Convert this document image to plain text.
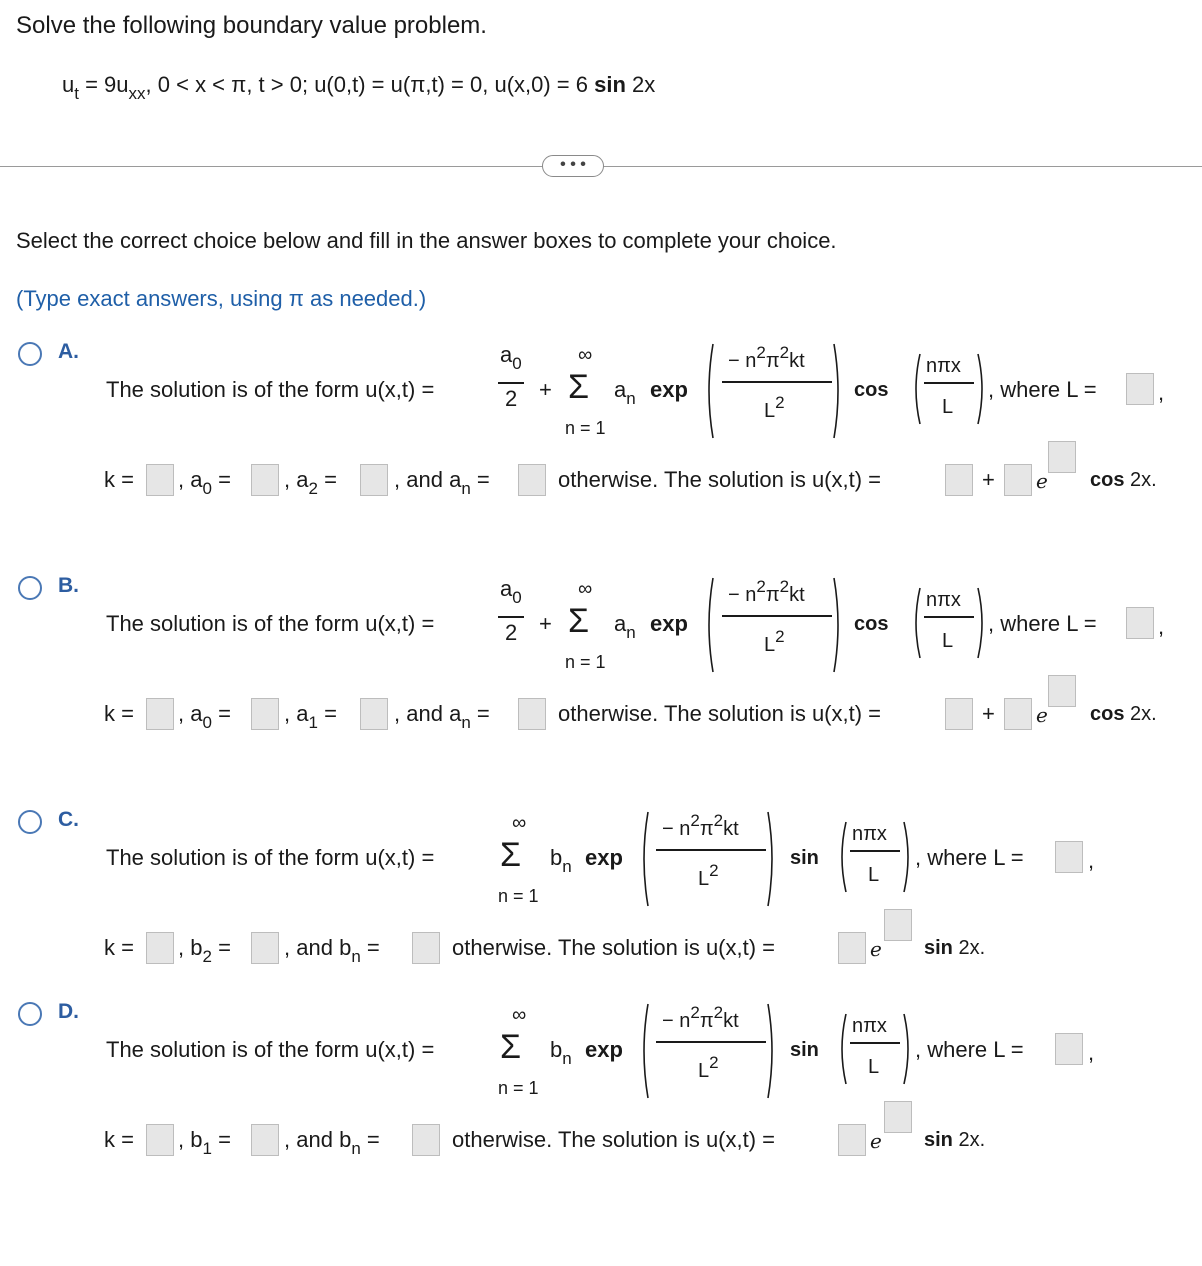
Solve the following boundary value problem.
$u_t = 9u_{xx}$, 0 < x < π, t > 0; u(0,t) = u(π,t) = 0, u(x,0) = 6 sin 2x
• • •
Select the correct choice below and fill in the answer boxes to complete your choice.
(Type exact answers, using π as needed.)
A.
The solution is of the form u(x,t) =
$a_0$
2 +
∞
Σ
n = 1
$a_n$ exp
− $n^2\pi^2kt$
$L^2$
cos
nπx
L
, where L =	,
k = , $a_0$ = , $a_2$ =	, and $a_n$ =	otherwise. The solution is u(x,t) =	+ e cos 2x.
B.
The solution is of the form u(x,t) =
$a_0$
2 +
∞
Σ
n = 1
$a_n$ exp
− $n^2\pi^2kt$
$L^2$
cos
nπx
L
, where L =	,
k = , $a_0$ = , $a_1$ =	, and $a_n$ =	otherwise. The solution is u(x,t) =	+ e cos 2x.
C.
The solution is of the form u(x,t) =
∞
Σ
n = 1
$b_n$ exp
− $n^2\pi^2kt$
$L^2$
sin
nπx
L
, where L =	,
k = , $b_2$ = , and $b_n$ =	otherwise. The solution is u(x,t) =	e sin 2x.
D.
The solution is of the form u(x,t) =
∞
Σ
n = 1
$b_n$ exp
− $n^2\pi^2kt$
$L^2$
sin
nπx
L
, where L =	,
k = , $b_1$ = , and $b_n$ =	otherwise. The solution is u(x,t) =	e sin 2x.
